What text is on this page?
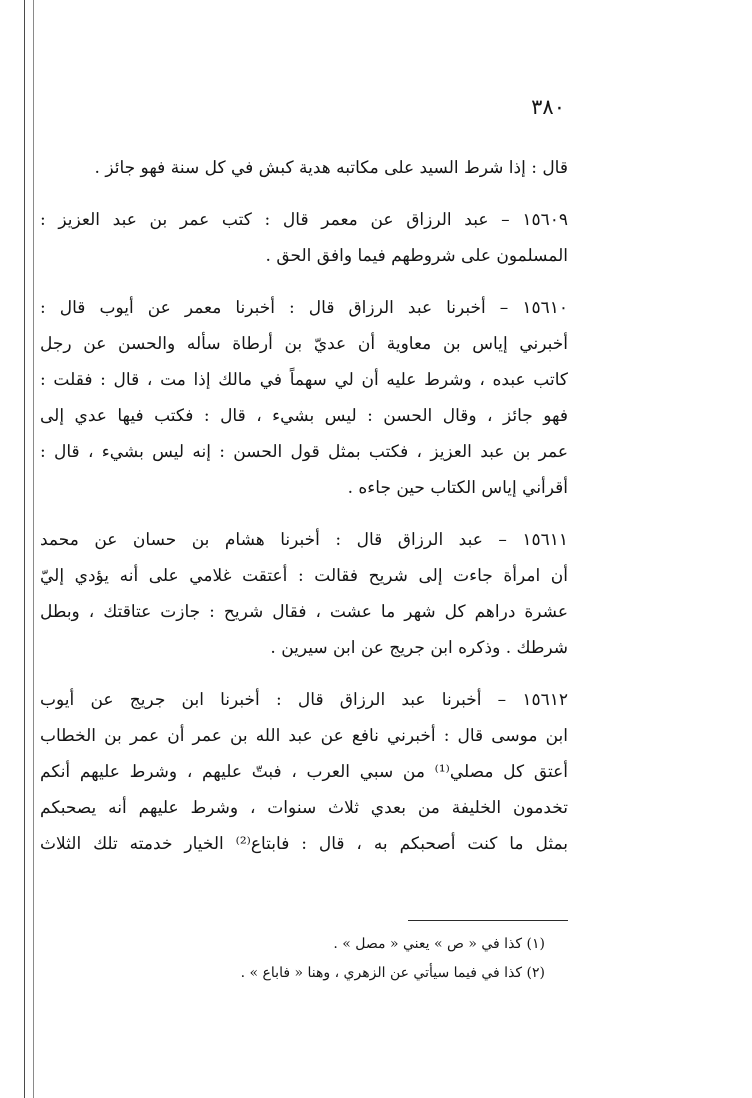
٣٨٠
قال : إذا شرط السيد على مكاتبه هدية كبش في كل سنة فهو جائز .
١٥٦٠٩ – عبد الرزاق عن معمر قال : كتب عمر بن عبد العزيز :
المسلمون على شروطهم فيما وافق الحق .
١٥٦١٠ – أخبرنا عبد الرزاق قال : أخبرنا معمر عن أيوب قال :
أخبرني إياس بن معاوية أن عديّ بن أرطاة سأله والحسن عن رجل
كاتب عبده ، وشرط عليه أن لي سهماً في مالك إذا مت ، قال : فقلت :
فهو جائز ، وقال الحسن : ليس بشيء ، قال : فكتب فيها عدي إلى
عمر بن عبد العزيز ، فكتب بمثل قول الحسن : إنه ليس بشيء ، قال :
أقرأني إياس الكتاب حين جاءه .
١٥٦١١ – عبد الرزاق قال : أخبرنا هشام بن حسان عن محمد
أن امرأة جاءت إلى شريح فقالت : أعتقت غلامي على أنه يؤدي إليّ
عشرة دراهم كل شهر ما عشت ، فقال شريح : جازت عتاقتك ، وبطل
شرطك . وذكره ابن جريج عن ابن سيرين .
١٥٦١٢ – أخبرنا عبد الرزاق قال : أخبرنا ابن جريج عن أيوب
ابن موسى قال : أخبرني نافع عن عبد الله بن عمر أن عمر بن الخطاب
أعتق كل مصلي⁽¹⁾ من سبي العرب ، فبتّ عليهم ، وشرط عليهم أنكم
تخدمون الخليفة من بعدي ثلاث سنوات ، وشرط عليهم أنه يصحبكم
بمثل ما كنت أصحبكم به ، قال : فابتاع⁽²⁾ الخيار خدمته تلك الثلاث
(١) كذا في « ص » يعني « مصل » .
(٢) كذا في فيما سيأتي عن الزهري ، وهنا « فاباع » .
